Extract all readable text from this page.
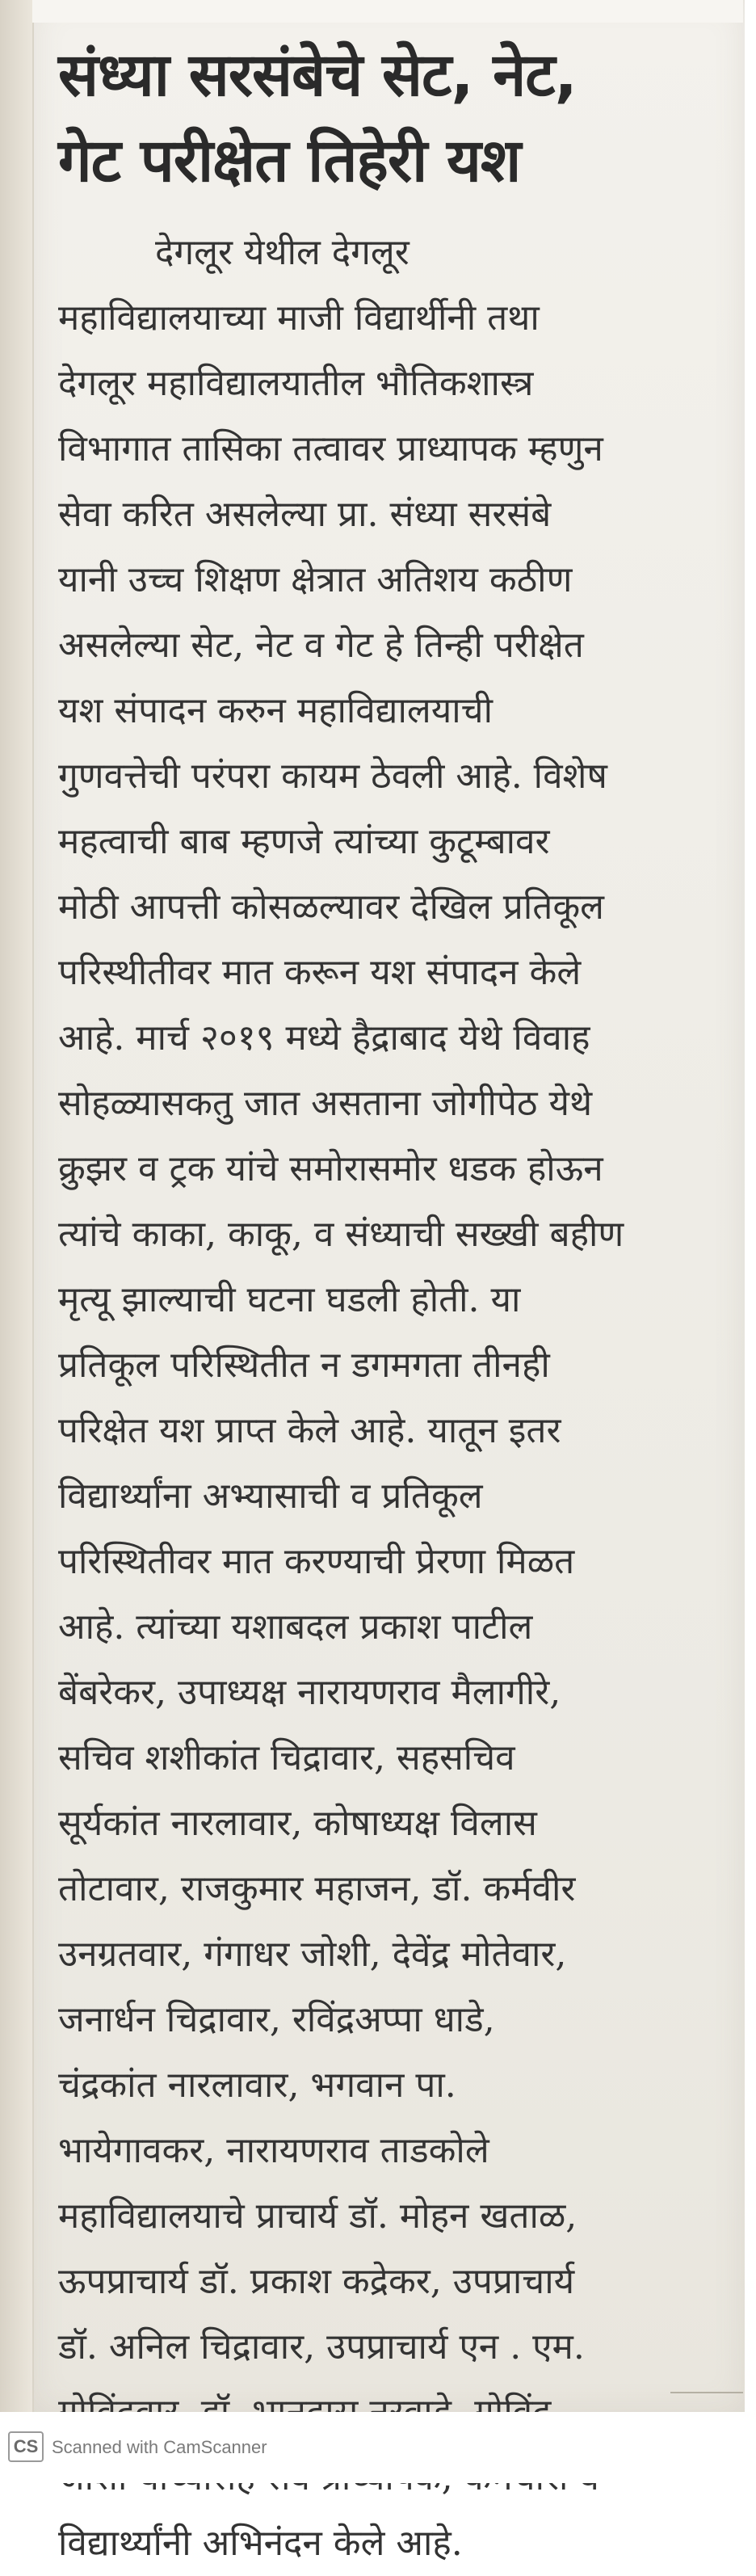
संध्या सरसंबेचे सेट, नेट,
गेट परीक्षेत तिहेरी यश
देगलूर येथील देगलूर
महाविद्यालयाच्या माजी विद्यार्थीनी तथा
देगलूर महाविद्यालयातील भौतिकशास्त्र
विभागात तासिका तत्वावर प्राध्यापक म्हणुन
सेवा करित असलेल्या प्रा. संध्या सरसंबे
यानी उच्च शिक्षण क्षेत्रात अतिशय कठीण
असलेल्या सेट, नेट व गेट हे तिन्ही परीक्षेत
यश संपादन करुन महाविद्यालयाची
गुणवत्तेची परंपरा कायम ठेवली आहे. विशेष
महत्वाची बाब म्हणजे त्यांच्या कुटूम्बावर
मोठी आपत्ती कोसळल्यावर देखिल प्रतिकूल
परिस्थीतीवर मात करून यश संपादन केले
आहे. मार्च २०१९ मध्ये हैद्राबाद येथे विवाह
सोहळ्यासकतु जात असताना जोगीपेठ येथे
क्रुझर व ट्रक यांचे समोरासमोर धडक होऊन
त्यांचे काका, काकू, व संध्याची सख्खी बहीण
मृत्यू झाल्याची घटना घडली होती. या
प्रतिकूल परिस्थितीत न डगमगता तीनही
परिक्षेत यश प्राप्त केले आहे. यातून इतर
विद्यार्थ्यांना अभ्यासाची व प्रतिकूल
परिस्थितीवर मात करण्याची प्रेरणा मिळत
आहे. त्यांच्या यशाबदल प्रकाश पाटील
बेंबरेकर, उपाध्यक्ष नारायणराव मैलागीरे,
सचिव शशीकांत चिद्रावार, सहसचिव
सूर्यकांत नारलावार, कोषाध्यक्ष विलास
तोटावार, राजकुमार महाजन, डॉ. कर्मवीर
उनग्रतवार, गंगाधर जोशी, देवेंद्र मोतेवार,
जनार्धन चिद्रावार, रविंद्रअप्पा धाडे,
चंद्रकांत नारलावार, भगवान पा.
भायेगावकर, नारायणराव ताडकोले
महाविद्यालयाचे प्राचार्य डॉ. मोहन खताळ,
ऊपप्राचार्य डॉ. प्रकाश कद्रेकर, उपप्राचार्य
डॉ. अनिल चिद्रावार, उपप्राचार्य एन . एम.
विद्यार्थ्यांनी अभिनंदन केले आहे.
CS Scanned with CamScanner
